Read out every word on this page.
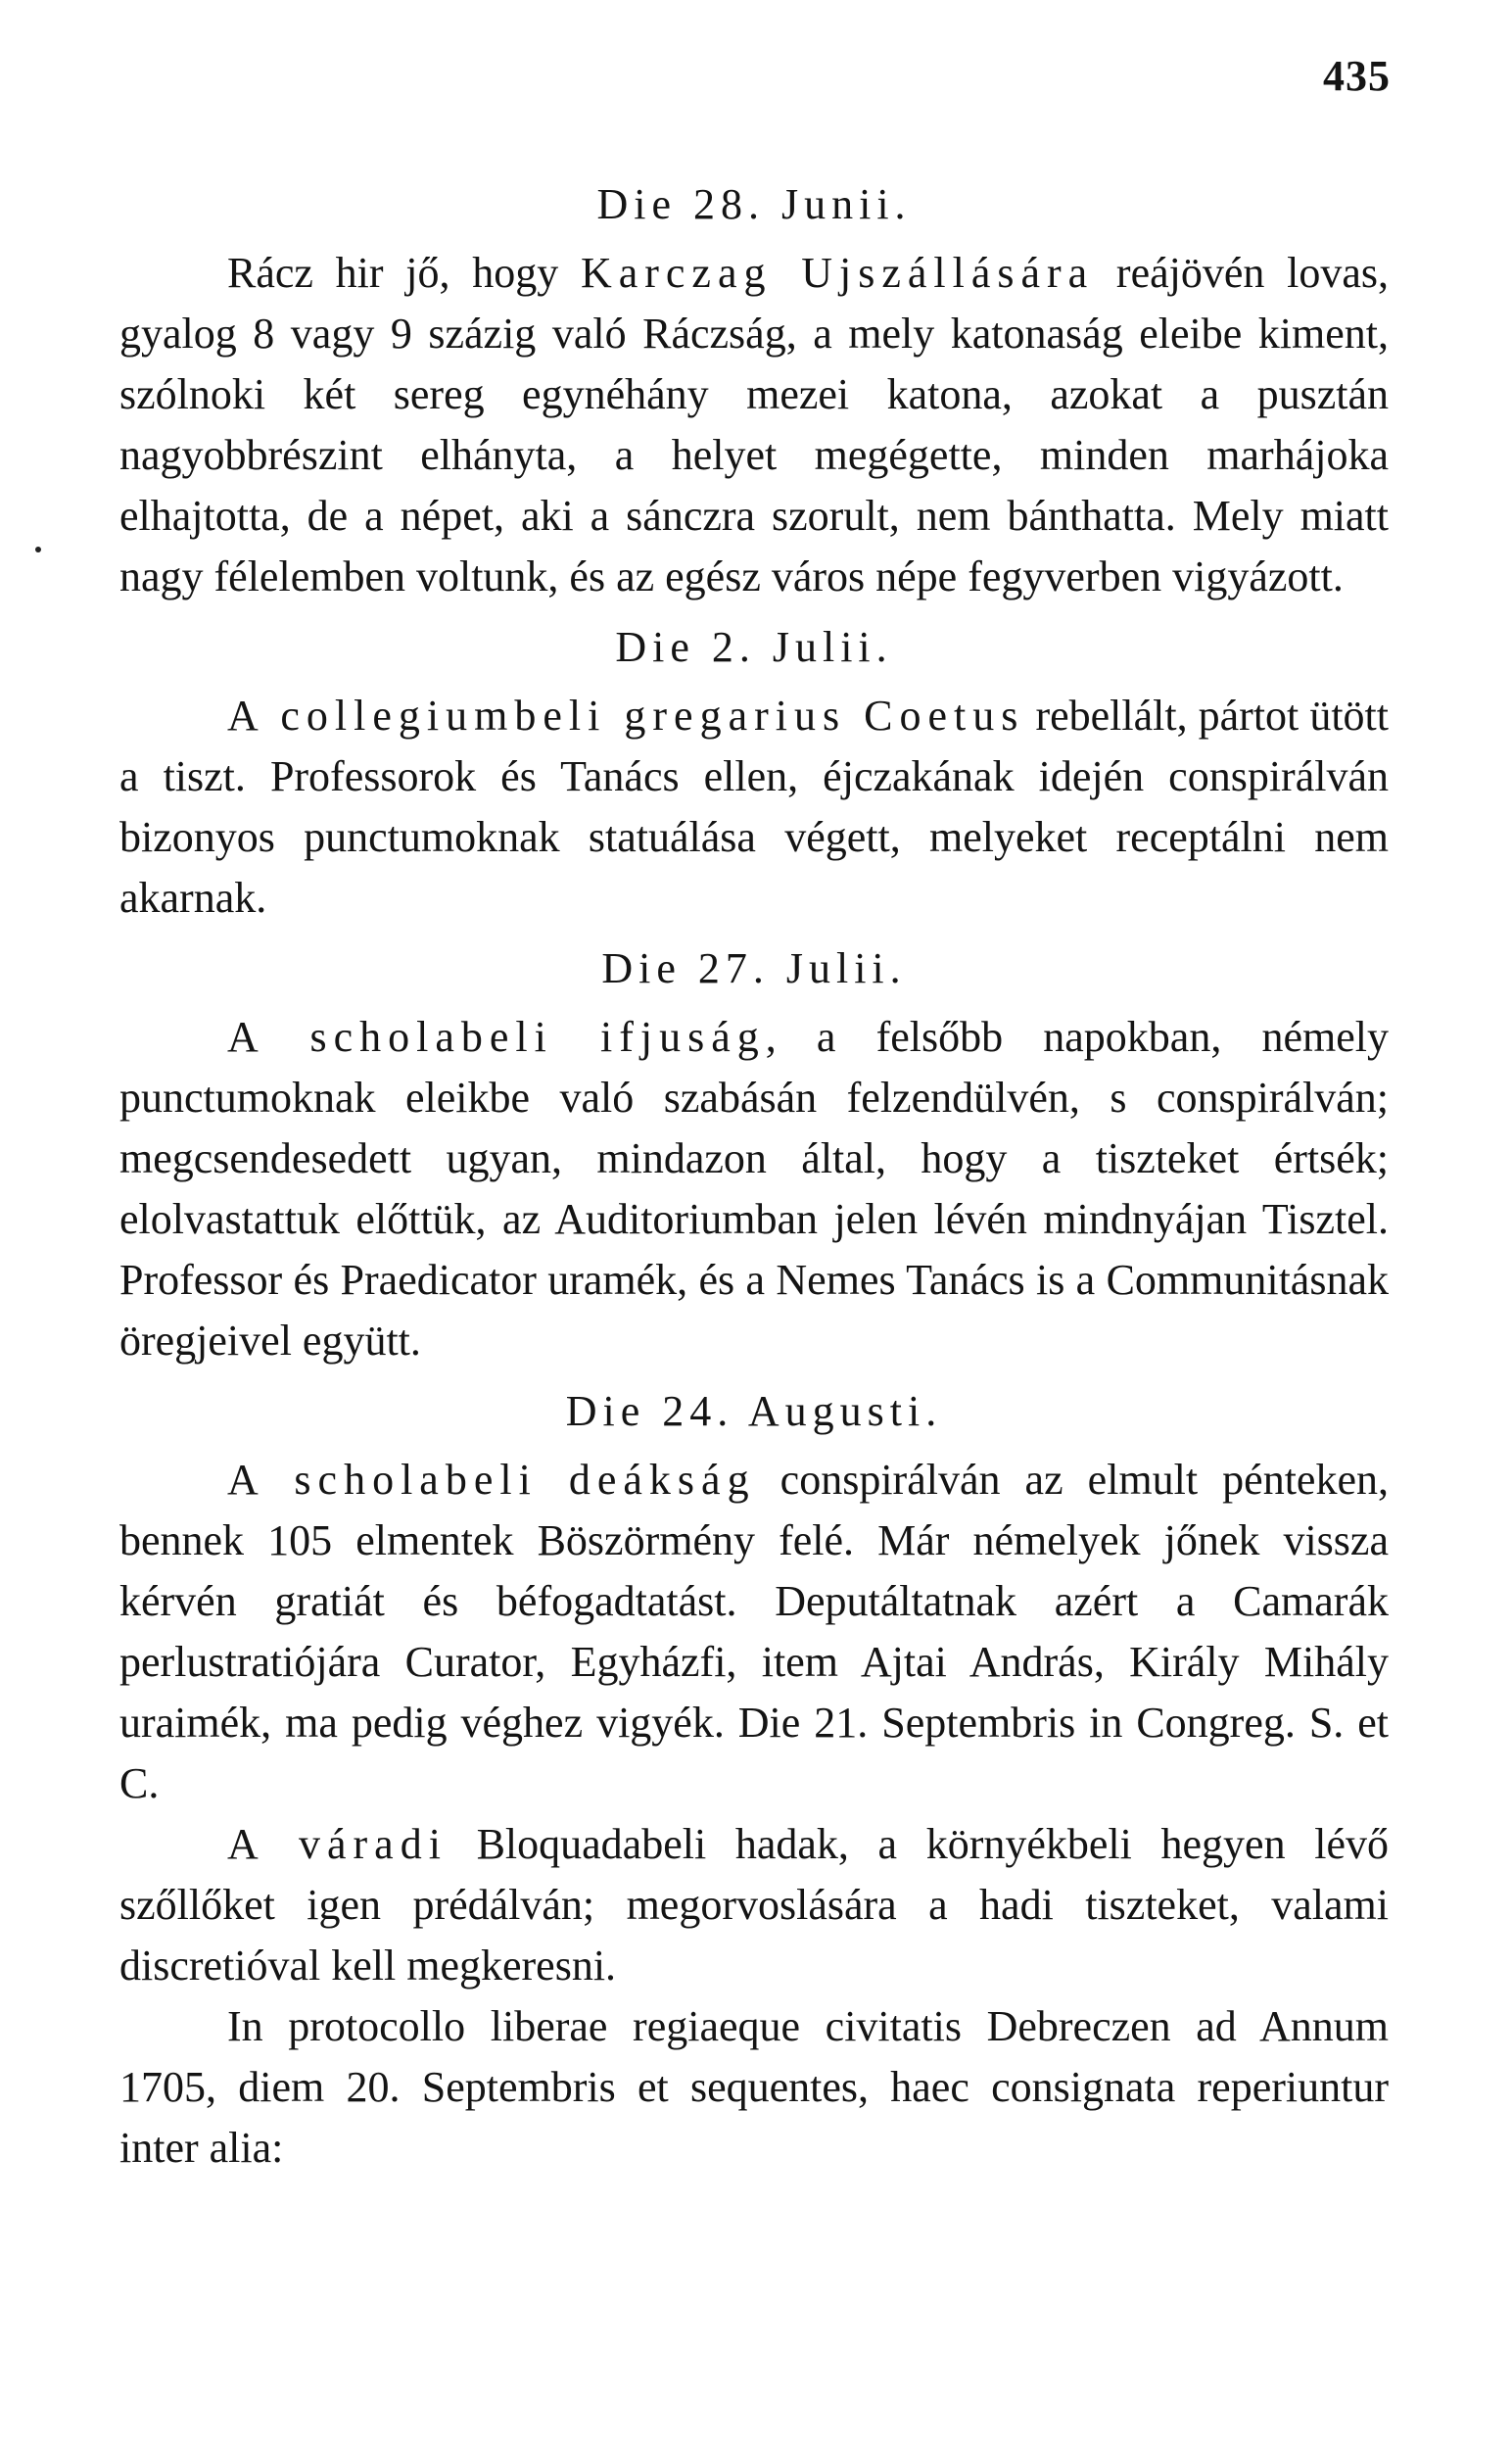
435
Die 28. Junii.

Rácz hir jő, hogy Karczag Ujszállására reájövén lovas, gyalog 8 vagy 9 százig való Ráczság, a mely katonaság eleibe kiment, szólnoki két sereg egynéhány mezei katona, azokat a pusztán nagyobbrészint elhányta, a helyet megégette, minden marhájoka elhajtotta, de a népet, aki a sánczra szorult, nem bánthatta. Mely miatt nagy félelemben voltunk, és az egész város népe fegyverben vigyázott.

Die 2. Julii.

A collegiumbeli gregarius Coetus rebellált, pártot ütött a tiszt. Professorok és Tanács ellen, éjczakának idején conspirálván bizonyos punctumoknak statuálása végett, melyeket receptálni nem akarnak.

Die 27. Julii.

A scholabeli ifjuság, a felsőbb napokban, némely punctumoknak eleikbe való szabásán felzendülvén, s conspirálván; megcsendesedett ugyan, mindazon által, hogy a tiszteket értsék; elolvastattuk előttük, az Auditoriumban jelen lévén mindnyájan Tisztel. Professor és Praedicator uramék, és a Nemes Tanács is a Communitásnak öregjeivel együtt.

Die 24. Augusti.

A scholabeli deákság conspirálván az elmult pénteken, bennek 105 elmentek Böszörmény felé. Már némelyek jőnek vissza kérvén gratiát és béfogadtatást. Deputáltatnak azért a Camarák perlustratiójára Curator, Egyházfi, item Ajtai András, Király Mihály uraimék, ma pedig véghez vigyék. Die 21. Septembris in Congreg. S. et C.

A váradi Bloquadabeli hadak, a környékbeli hegyen lévő szőllőket igen prédálván; megorvoslására a hadi tiszteket, valami discretióval kell megkeresni.

In protocollo liberae regiaeque civitatis Debreczen ad Annum 1705, diem 20. Septembris et sequentes, haec consignata reperiuntur inter alia:
